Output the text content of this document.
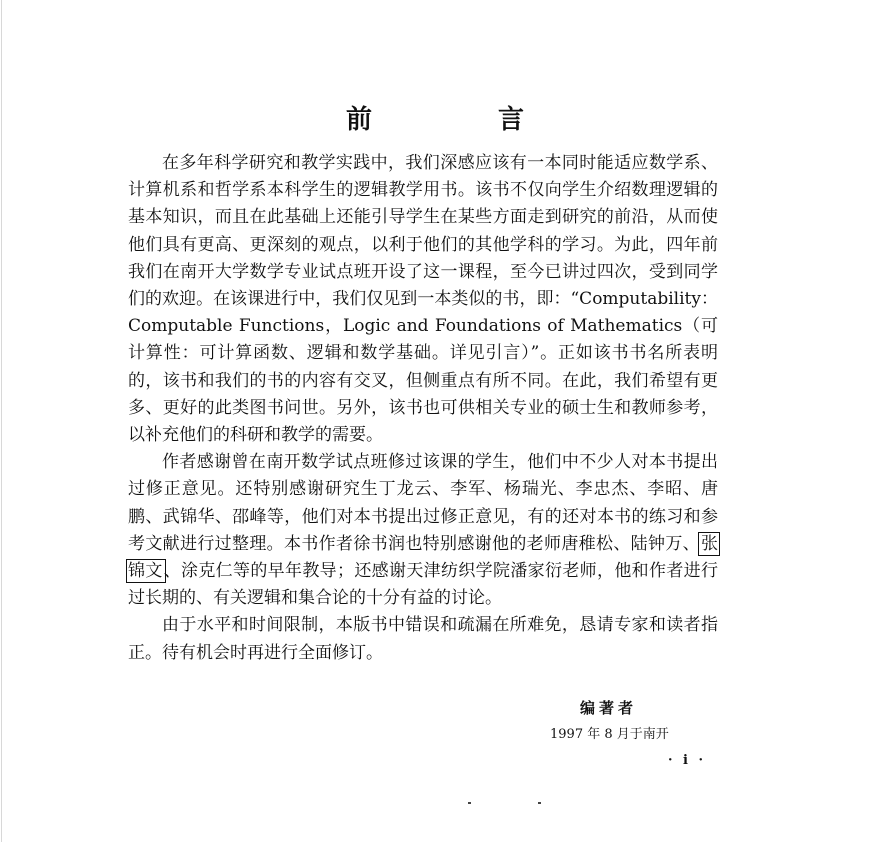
前　言

在多年科学研究和教学实践中，我们深感应该有一本同时能适应数学系、计算机系和哲学系本科学生的逻辑教学用书。该书不仅向学生介绍数理逻辑的基本知识，而且在此基础上还能引导学生在某些方面走到研究的前沿，从而使他们具有更高、更深刻的观点，以利于他们的其他学科的学习。为此，四年前我们在南开大学数学专业试点班开设了这一课程，至今已讲过四次，受到同学们的欢迎。在该课进行中，我们仅见到一本类似的书，即：“Computability：Computable Functions，Logic and Foundations of Mathematics（可计算性：可计算函数、逻辑和数学基础。详见引言）”。正如该书书名所表明的，该书和我们的书的内容有交叉，但侧重点有所不同。在此，我们希望有更多、更好的此类图书问世。另外，该书也可供相关专业的硕士生和教师参考，以补充他们的科研和教学的需要。

作者感谢曾在南开数学试点班修过该课的学生，他们中不少人对本书提出过修正意见。还特别感谢研究生丁龙云、李军、杨瑞光、李忠杰、李昭、唐鹏、武锦华、邵峰等，他们对本书提出过修正意见，有的还对本书的练习和参考文献进行过整理。本书作者徐书润也特别感谢他的老师唐稚松、陆钟万、张锦文、涂克仁等的早年教导；还感谢天津纺织学院潘家衍老师，他和作者进行过长期的、有关逻辑和集合论的十分有益的讨论。

由于水平和时间限制，本版书中错误和疏漏在所难免，恳请专家和读者指正。待有机会时再进行全面修订。

编著者
1997 年 8 月于南开
· i ·
